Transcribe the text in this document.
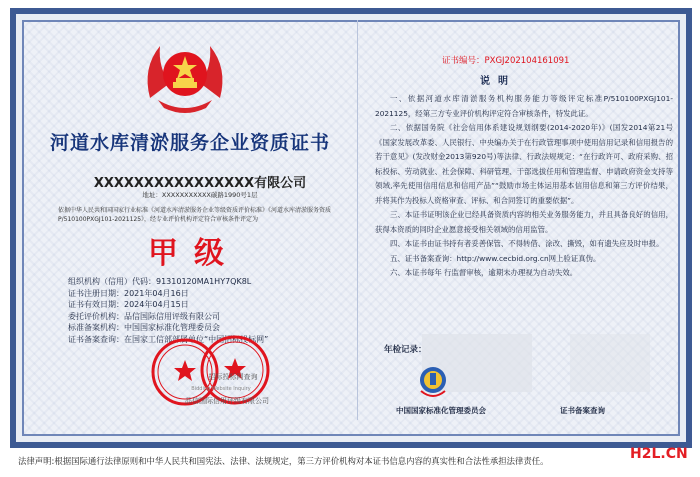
河道水库清淤服务企业资质证书
XXXXXXXXXXXXXXXX有限公司
地址：XXXXXXXXXXX碳路1990号1层
依据中华人民共和国国家行业标准《河道水库清淤服务企业等级资质评价标准》《河道水库清淤服务资质P/510100PXGJ101-2021125》，经专业评价机构评定符合审核条件评定为
甲级
组织机构（信用）代码：91310120MA1HY7QK8L
证书注册日期：2021年04月16日
证书有效日期：2024年04月15日
委托评价机构：品信国际信用评级有限公司
标准备案机构：中国国家标准化管理委员会
证书备案查询：在国家工信部部属单位“中国招标投标网”
招标投标网查询
Bidding Website Inquiry
品信国际信用评级有限公司
证书编号：PXGJ202104161091
说明

一、依据河道水库清淤服务机构服务能力等级评定标准P/510100PXGJ101-2021125，经第三方专业评价机构评定符合审核条件，特发此证。

二、依据国务院《社会信用体系建设规划纲要(2014-2020年)》(国发2014第21号《国家发展改革委、人民银行、中央编办关于在行政管理事项中使用信用记录和信用报告的若干意见》(发改财金2013第920号)等法律、行政法规规定：“在行政许可、政府采购、招标投标、劳动就业、社会保障、科研管理、干部选拔任用和管理监督、申请政府资金支持等领域,率先使用信用信息和信用产品”“鼓励市场主体运用基本信用信息和第三方评价结果，并将其作为投标人资格审查、评标、和合同签订的重要依据”。

三、本证书证明该企业已经具备资质内容的相关业务服务能力，并且具备良好的信用，获得本资质的同时企业愿意接受相关领域的信用监管。

四、本证书由证书持有者妥善保管、不得转借、涂改、撕毁，如有遗失应及时申报。

五、证书备案查询：http://www.cecbid.org.cn网上验证真伪。

六、本证书每年 行监督审核，逾期未办理视为自动失效。

年检记录：
中国国家标准化管理委员会	证书备案查询
法律声明:根据国际通行法律原则和中华人民共和国宪法、法律、法规规定，第三方评价机构对本证书信息内容的真实性和合法性承担法律责任。	H2L.CN
